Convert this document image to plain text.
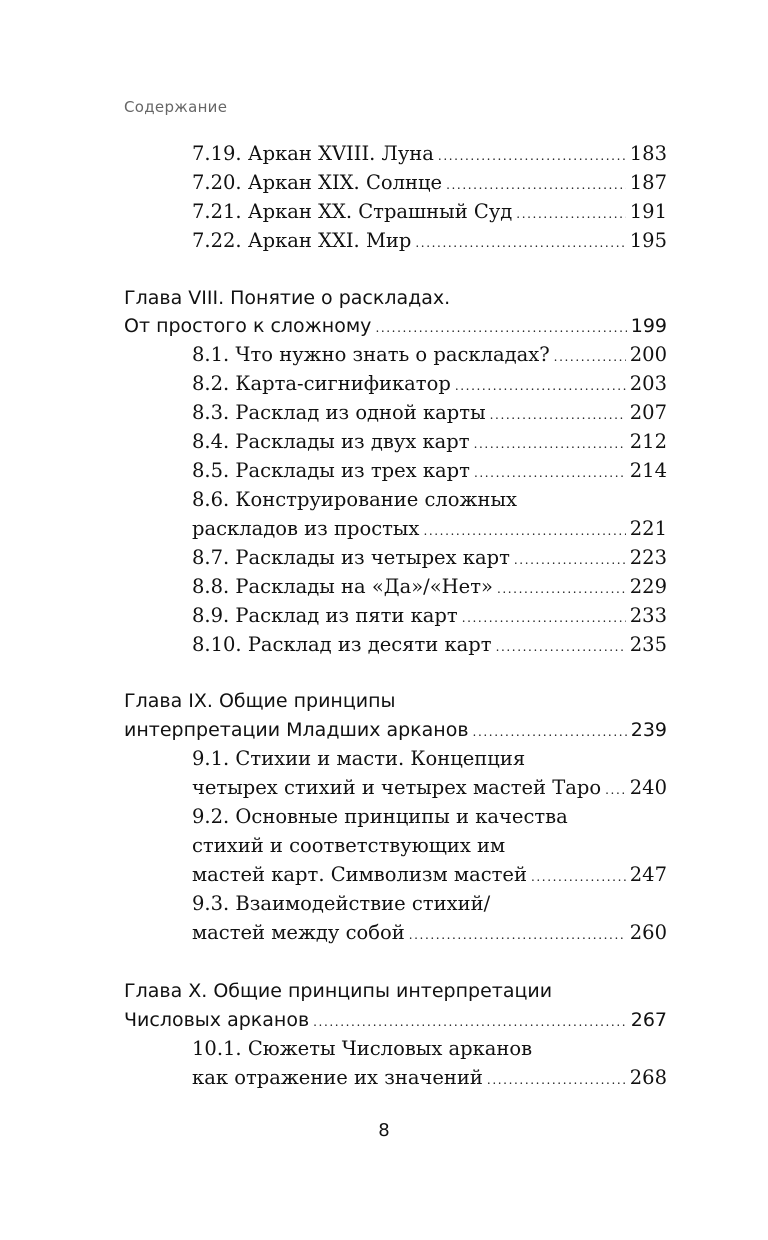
Содержание
7.19. Аркан XVIII. Луна .....	183
7.20. Аркан XIX. Солнце .....	187
7.21. Аркан XX. Страшный Суд .....	191
7.22. Аркан XXI. Мир .....	195
Глава VIII. Понятие о раскладах.
От простого к сложному .....	199
8.1. Что нужно знать о раскладах? .....	200
8.2. Карта-сигнификатор .....	203
8.3. Расклад из одной карты .....	207
8.4. Расклады из двух карт .....	212
8.5. Расклады из трех карт .....	214
8.6. Конструирование сложных
раскладов из простых .....	221
8.7. Расклады из четырех карт .....	223
8.8. Расклады на «Да»/«Нет» .....	229
8.9. Расклад из пяти карт .....	233
8.10. Расклад из десяти карт .....	235
Глава IX. Общие принципы
интерпретации Младших арканов .....	239
9.1. Стихии и масти. Концепция
четырех стихий и четырех мастей Таро ..... 240
9.2. Основные принципы и качества
стихий и соответствующих им
мастей карт. Символизм мастей .....	247
9.3. Взаимодействие стихий/
мастей между собой .....	260
Глава X. Общие принципы интерпретации
Числовых арканов .....	267
10.1. Сюжеты Числовых арканов
как отражение их значений .....	268
8
